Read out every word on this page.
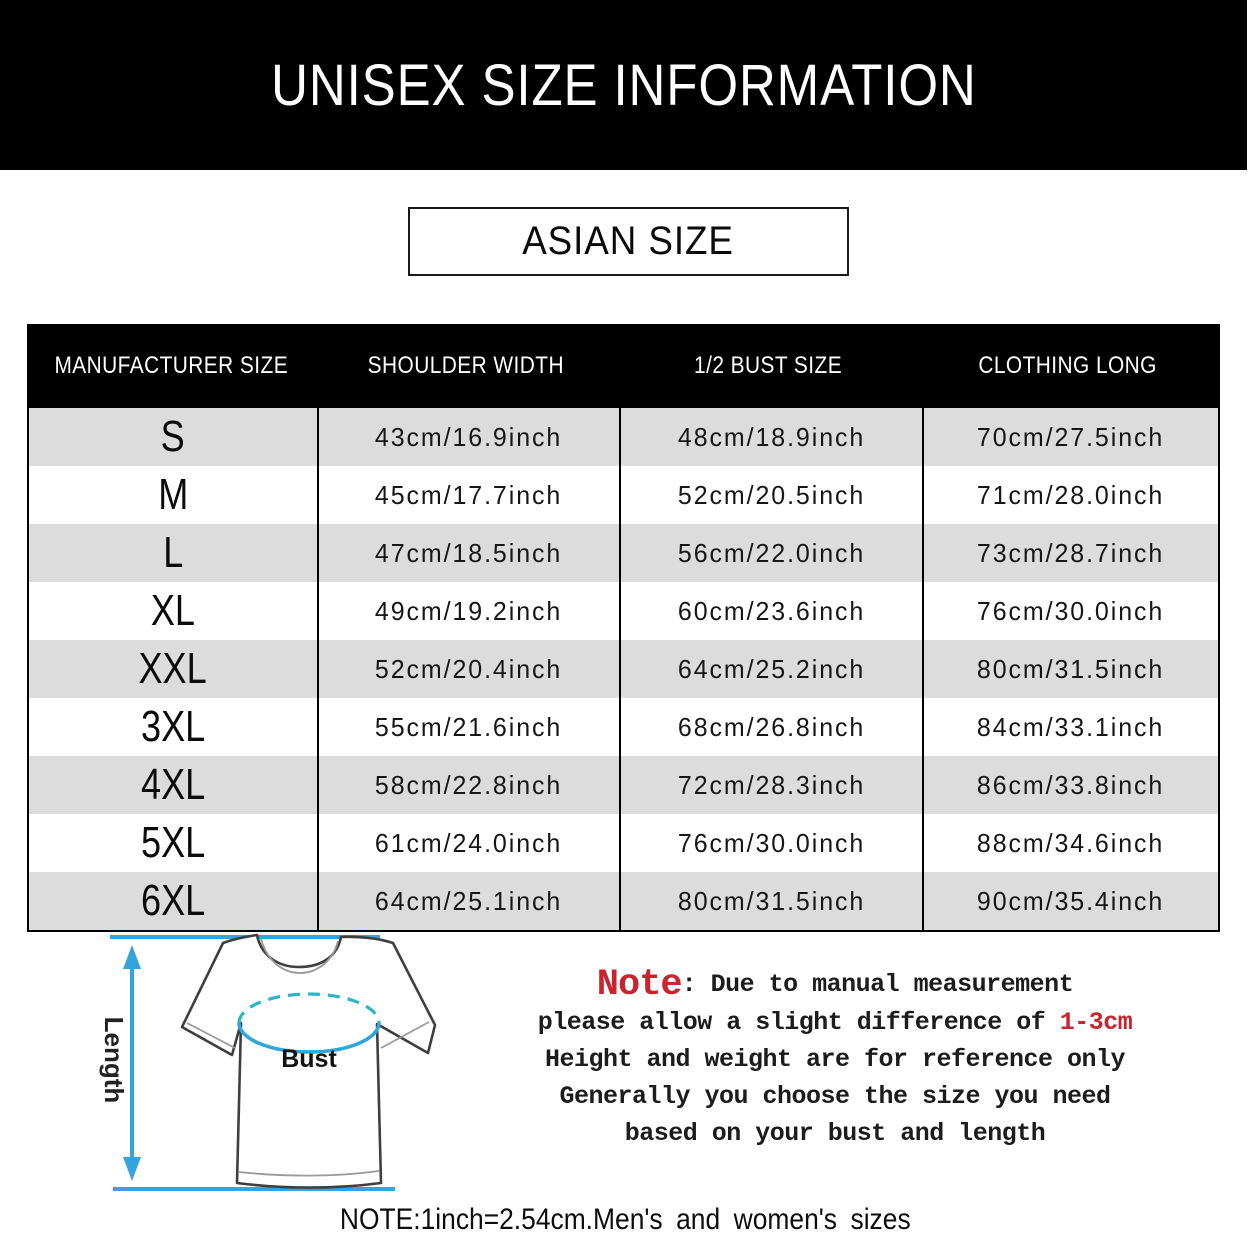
UNISEX SIZE INFORMATION
ASIAN SIZE
MANUFACTURER SIZE	SHOULDER WIDTH	1/2 BUST SIZE	CLOTHING LONG
S	43cm/16.9inch	48cm/18.9inch	70cm/27.5inch
M	45cm/17.7inch	52cm/20.5inch	71cm/28.0inch
L	47cm/18.5inch	56cm/22.0inch	73cm/28.7inch
XL	49cm/19.2inch	60cm/23.6inch	76cm/30.0inch
XXL	52cm/20.4inch	64cm/25.2inch	80cm/31.5inch
3XL	55cm/21.6inch	68cm/26.8inch	84cm/33.1inch
4XL	58cm/22.8inch	72cm/28.3inch	86cm/33.8inch
5XL	61cm/24.0inch	76cm/30.0inch	88cm/34.6inch
6XL	64cm/25.1inch	80cm/31.5inch	90cm/35.4inch
Length	Bust
Note: Due to manual measurement
please allow a slight difference of 1-3cm
Height and weight are for reference only
Generally you choose the size you need
based on your bust and length
NOTE:1inch=2.54cm.Men's and women's sizes
